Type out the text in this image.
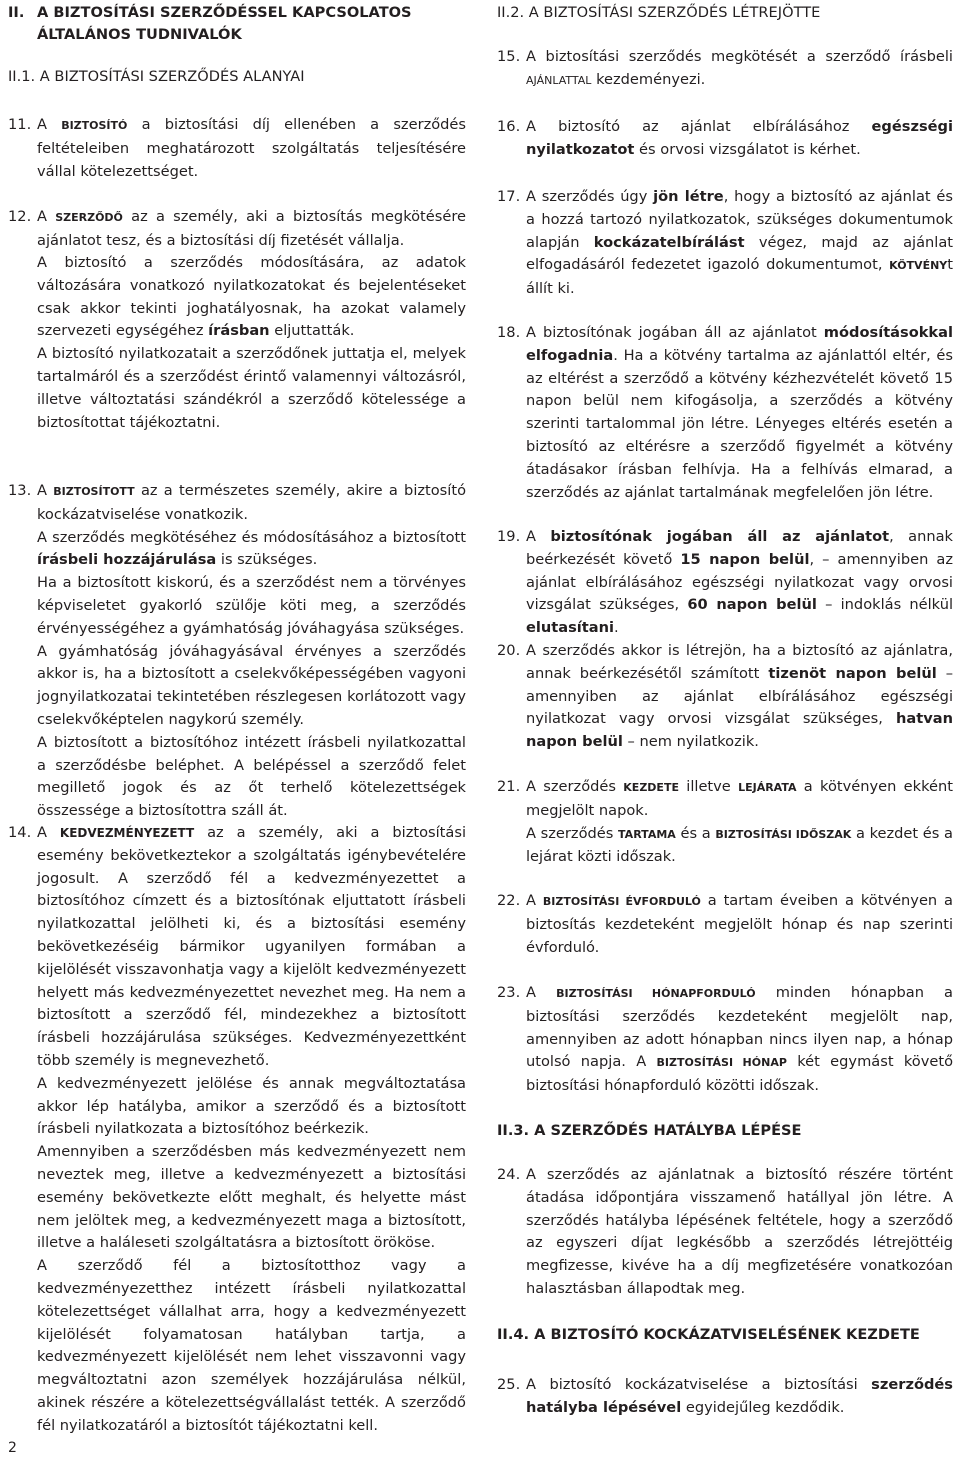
II. A BIZTOSÍTÁSI SZERZŐDÉSSEL KAPCSOLATOS
ÁLTALÁNOS TUDNIVALÓK
II.1. A BIZTOSÍTÁSI SZERZŐDÉS ALANYAI
11. A BIZTOSÍTÓ a biztosítási díj ellenében a szerződés feltételeiben meghatározott szolgáltatás teljesítésére vállal kötelezettséget.

12. A SZERZŐDŐ az a személy, aki a biztosítás megkötésére ajánlatot tesz, és a biztosítási díj fizetését vállalja.

A biztosító a szerződés módosítására, az adatok változására vonatkozó nyilatkozatokat és bejelentéseket csak akkor tekinti joghatályosnak, ha azokat valamely szervezeti egységéhez írásban eljuttatták.

A biztosító nyilatkozatait a szerződőnek juttatja el, melyek tartalmáról és a szerződést érintő valamennyi változásról, illetve változtatási szándékról a szerződő kötelessége a biztosítottat tájékoztatni.

13. A BIZTOSÍTOTT az a természetes személy, akire a biztosító kockázatviselése vonatkozik.

A szerződés megkötéséhez és módosításához a biztosított írásbeli hozzájárulása is szükséges.

Ha a biztosított kiskorú, és a szerződést nem a törvényes képviseletet gyakorló szülője köti meg, a szerződés érvényességéhez a gyámhatóság jóváhagyása szükséges.

A gyámhatóság jóváhagyásával érvényes a szerződés akkor is, ha a biztosított a cselekvőképességében vagyoni jognyilatkozatai tekintetében részlegesen korlátozott vagy cselekvőképtelen nagykorú személy.

A biztosított a biztosítóhoz intézett írásbeli nyilatkozattal a szerződésbe beléphet. A belépéssel a szerződő felet megillető jogok és az őt terhelő kötelezettségek összessége a biztosítottra száll át.

14. A KEDVEZMÉNYEZETT az a személy, aki a biztosítási esemény bekövetkeztekor a szolgáltatás igénybevételére jogosult. A szerződő fél a kedvezményezettet a biztosítóhoz címzett és a biztosítónak eljuttatott írásbeli nyilatkozattal jelölheti ki, és a biztosítási esemény bekövetkezéséig bármikor ugyanilyen formában a kijelölését visszavonhatja vagy a kijelölt kedvezményezett helyett más kedvezményezettet nevezhet meg. Ha nem a biztosított a szerződő fél, mindezekhez a biztosított írásbeli hozzájárulása szükséges. Kedvezményezettként több személy is megnevezhető.

A kedvezményezett jelölése és annak megváltoztatása akkor lép hatályba, amikor a szerződő és a biztosított írásbeli nyilatkozata a biztosítóhoz beérkezik.

Amennyiben a szerződésben más kedvezményezett nem neveztek meg, illetve a kedvezményezett a biztosítási esemény bekövetkezte előtt meghalt, és helyette mást nem jelöltek meg, a kedvezményezett maga a biztosított, illetve a haláleseti szolgáltatásra a biztosított örököse.

A szerződő fél a biztosítotthoz vagy a kedvezményezetthez intézett írásbeli nyilatkozattal kötelezettséget vállalhat arra, hogy a kedvezményezett kijelölését folyamatosan hatályban tartja, a kedvezményezett kijelölését nem lehet visszavonni vagy megváltoztatni azon személyek hozzájárulása nélkül, akinek részére a kötelezettségvállalást tették. A szerződő fél nyilatkozatáról a biztosítót tájékoztatni kell.

II.2. A BIZTOSÍTÁSI SZERZŐDÉS LÉTREJÖTTE
15. A biztosítási szerződés megkötését a szerződő írásbeli AJÁNLATTAL kezdeményezi.

16. A biztosító az ajánlat elbírálásához egészségi nyilatkozatot és orvosi vizsgálatot is kérhet.

17. A szerződés úgy jön létre, hogy a biztosító az ajánlat és a hozzá tartozó nyilatkozatok, szükséges dokumentumok alapján kockázatelbírálást végez, majd az ajánlat elfogadásáról fedezetet igazoló dokumentumot, KÖTVÉNYt állít ki.

18. A biztosítónak jogában áll az ajánlatot módosításokkal elfogadnia. Ha a kötvény tartalma az ajánlattól eltér, és az eltérést a szerződő a kötvény kézhezvételét követő 15 napon belül nem kifogásolja, a szerződés a kötvény szerinti tartalommal jön létre. Lényeges eltérés esetén a biztosító az eltérésre a szerződő figyelmét a kötvény átadásakor írásban felhívja. Ha a felhívás elmarad, a szerződés az ajánlat tartalmának megfelelően jön létre.

19. A biztosítónak jogában áll az ajánlatot, annak beérkezését követő 15 napon belül, – amennyiben az ajánlat elbírálásához egészségi nyilatkozat vagy orvosi vizsgálat szükséges, 60 napon belül – indoklás nélkül elutasítani.

20. A szerződés akkor is létrejön, ha a biztosító az ajánlatra, annak beérkezésétől számított tizenöt napon belül – amennyiben az ajánlat elbírálásához egészségi nyilatkozat vagy orvosi vizsgálat szükséges, hatvan napon belül – nem nyilatkozik.

21. A szerződés KEZDETE illetve LEJÁRATA a kötvényen ekként megjelölt napok.

A szerződés TARTAMA és a BIZTOSÍTÁSI IDŐSZAK a kezdet és a lejárat közti időszak.

22. A BIZTOSÍTÁSI ÉVFORDULÓ a tartam éveiben a kötvényen a biztosítás kezdeteként megjelölt hónap és nap szerinti évforduló.

23. A BIZTOSÍTÁSI HÓNAPFORDULÓ minden hónapban a biztosítási szerződés kezdeteként megjelölt nap, amennyiben az adott hónapban nincs ilyen nap, a hónap utolsó napja. A BIZTOSÍTÁSI HÓNAP két egymást követő biztosítási hónapforduló közötti időszak.

II.3. A SZERZŐDÉS HATÁLYBA LÉPÉSE
24. A szerződés az ajánlatnak a biztosító részére történt átadása időpontjára visszamenő hatállyal jön létre. A szerződés hatályba lépésének feltétele, hogy a szerződő az egyszeri díjat legkésőbb a szerződés létrejöttéig megfizesse, kivéve ha a díj megfizetésére vonatkozóan halasztásban állapodtak meg.

II.4. A BIZTOSÍTÓ KOCKÁZATVISELÉSÉNEK KEZDETE
25. A biztosító kockázatviselése a biztosítási szerződés hatályba lépésével egyidejűleg kezdődik.

2
